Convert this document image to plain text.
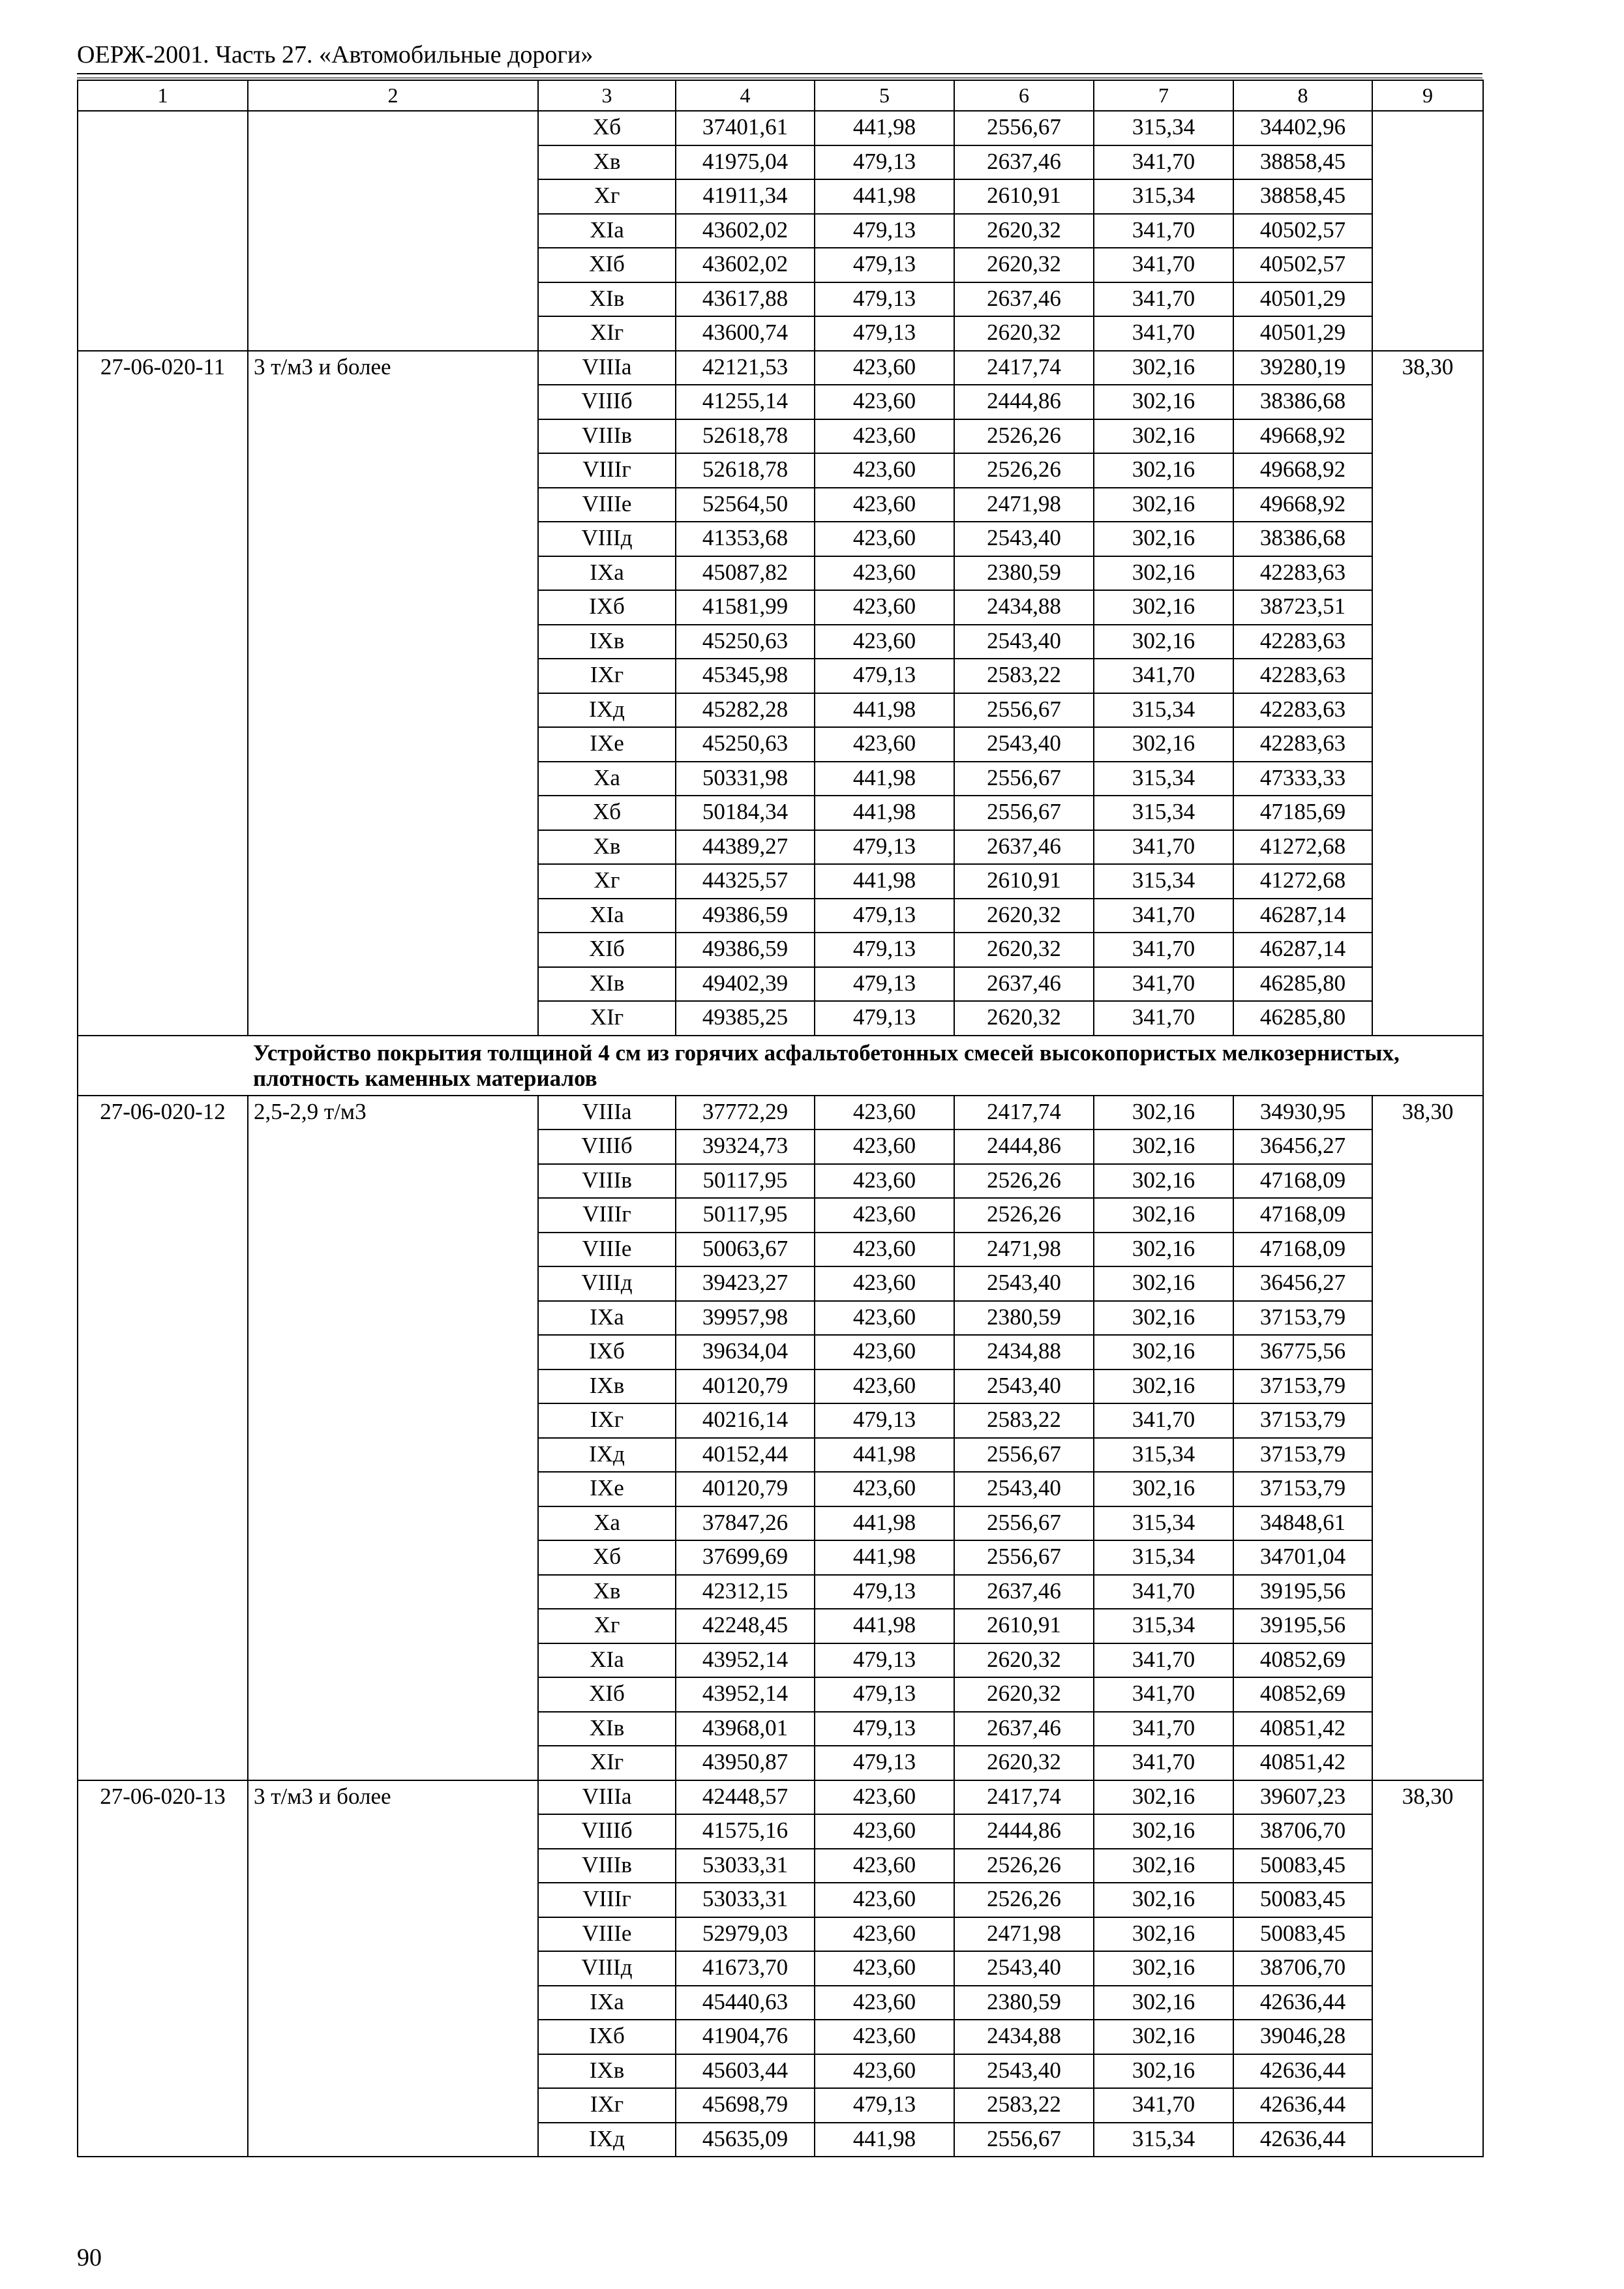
ОЕРЖ-2001. Часть 27. «Автомобильные дороги»
1	2	3	4	5	6	7	8	9
		Хб	37401,61	441,98	2556,67	315,34	34402,96	
		Хв	41975,04	479,13	2637,46	341,70	38858,45	
		Хг	41911,34	441,98	2610,91	315,34	38858,45	
		XIа	43602,02	479,13	2620,32	341,70	40502,57	
		XIб	43602,02	479,13	2620,32	341,70	40502,57	
		XIв	43617,88	479,13	2637,46	341,70	40501,29	
		XIг	43600,74	479,13	2620,32	341,70	40501,29	
27-06-020-11	3 т/м3 и более	VIIIа	42121,53	423,60	2417,74	302,16	39280,19	38,30
		VIIIб	41255,14	423,60	2444,86	302,16	38386,68	
		VIIIв	52618,78	423,60	2526,26	302,16	49668,92	
		VIIIг	52618,78	423,60	2526,26	302,16	49668,92	
		VIIIе	52564,50	423,60	2471,98	302,16	49668,92	
		VIIIд	41353,68	423,60	2543,40	302,16	38386,68	
		IXа	45087,82	423,60	2380,59	302,16	42283,63	
		IXб	41581,99	423,60	2434,88	302,16	38723,51	
		IXв	45250,63	423,60	2543,40	302,16	42283,63	
		IXг	45345,98	479,13	2583,22	341,70	42283,63	
		IXд	45282,28	441,98	2556,67	315,34	42283,63	
		IXе	45250,63	423,60	2543,40	302,16	42283,63	
		Ха	50331,98	441,98	2556,67	315,34	47333,33	
		Хб	50184,34	441,98	2556,67	315,34	47185,69	
		Хв	44389,27	479,13	2637,46	341,70	41272,68	
		Хг	44325,57	441,98	2610,91	315,34	41272,68	
		XIа	49386,59	479,13	2620,32	341,70	46287,14	
		XIб	49386,59	479,13	2620,32	341,70	46287,14	
		XIв	49402,39	479,13	2637,46	341,70	46285,80	
		XIг	49385,25	479,13	2620,32	341,70	46285,80	
Устройство покрытия толщиной 4 см из горячих асфальтобетонных смесей высокопористых мелкозернистых, плотность каменных материалов								
27-06-020-12	2,5-2,9 т/м3	VIIIа	37772,29	423,60	2417,74	302,16	34930,95	38,30
		VIIIб	39324,73	423,60	2444,86	302,16	36456,27	
		VIIIв	50117,95	423,60	2526,26	302,16	47168,09	
		VIIIг	50117,95	423,60	2526,26	302,16	47168,09	
		VIIIе	50063,67	423,60	2471,98	302,16	47168,09	
		VIIIд	39423,27	423,60	2543,40	302,16	36456,27	
		IXа	39957,98	423,60	2380,59	302,16	37153,79	
		IXб	39634,04	423,60	2434,88	302,16	36775,56	
		IXв	40120,79	423,60	2543,40	302,16	37153,79	
		IXг	40216,14	479,13	2583,22	341,70	37153,79	
		IXд	40152,44	441,98	2556,67	315,34	37153,79	
		IXе	40120,79	423,60	2543,40	302,16	37153,79	
		Ха	37847,26	441,98	2556,67	315,34	34848,61	
		Хб	37699,69	441,98	2556,67	315,34	34701,04	
		Хв	42312,15	479,13	2637,46	341,70	39195,56	
		Хг	42248,45	441,98	2610,91	315,34	39195,56	
		XIа	43952,14	479,13	2620,32	341,70	40852,69	
		XIб	43952,14	479,13	2620,32	341,70	40852,69	
		XIв	43968,01	479,13	2637,46	341,70	40851,42	
		XIг	43950,87	479,13	2620,32	341,70	40851,42	
27-06-020-13	3 т/м3 и более	VIIIа	42448,57	423,60	2417,74	302,16	39607,23	38,30
		VIIIб	41575,16	423,60	2444,86	302,16	38706,70	
		VIIIв	53033,31	423,60	2526,26	302,16	50083,45	
		VIIIг	53033,31	423,60	2526,26	302,16	50083,45	
		VIIIе	52979,03	423,60	2471,98	302,16	50083,45	
		VIIIд	41673,70	423,60	2543,40	302,16	38706,70	
		IXа	45440,63	423,60	2380,59	302,16	42636,44	
		IXб	41904,76	423,60	2434,88	302,16	39046,28	
		IXв	45603,44	423,60	2543,40	302,16	42636,44	
		IXг	45698,79	479,13	2583,22	341,70	42636,44	
		IXд	45635,09	441,98	2556,67	315,34	42636,44	
90
